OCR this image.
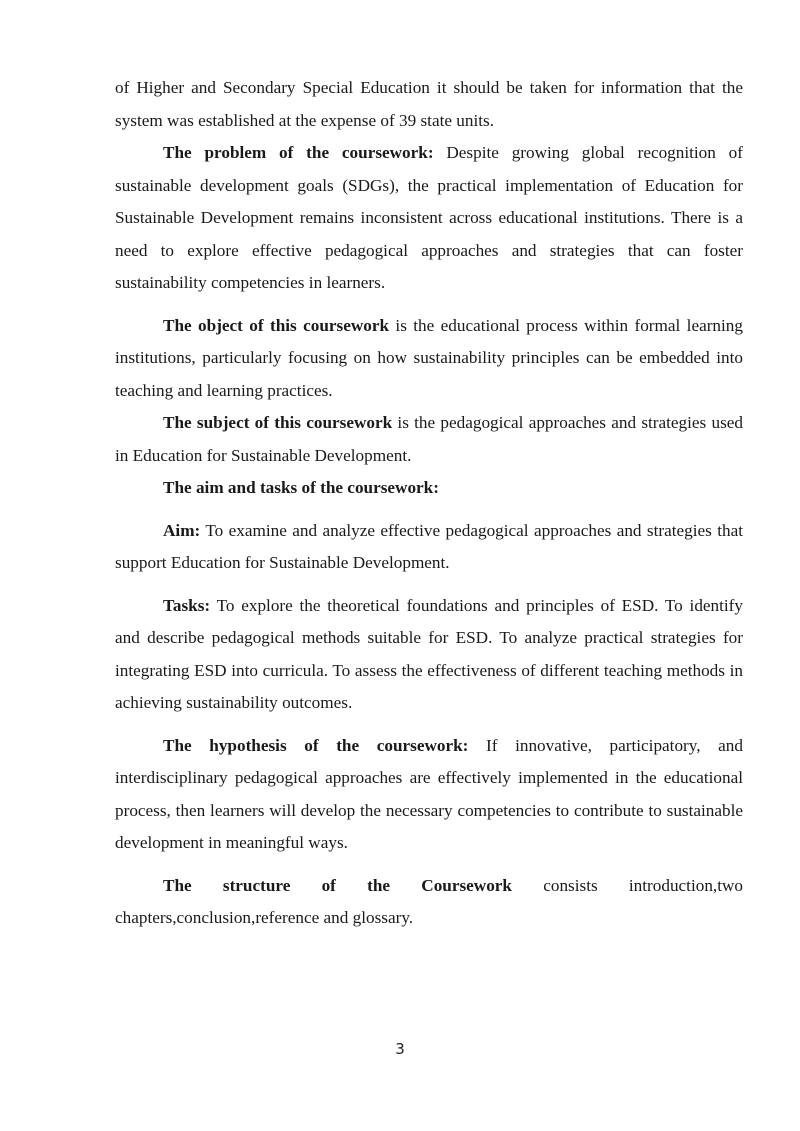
of Higher and Secondary Special Education it should be taken for information that the system was established at the expense of 39 state units.

The problem of the coursework: Despite growing global recognition of sustainable development goals (SDGs), the practical implementation of Education for Sustainable Development remains inconsistent across educational institutions. There is a need to explore effective pedagogical approaches and strategies that can foster sustainability competencies in learners.

The object of this coursework is the educational process within formal learning institutions, particularly focusing on how sustainability principles can be embedded into teaching and learning practices.

The subject of this coursework is the pedagogical approaches and strategies used in Education for Sustainable Development.

The aim and tasks of the coursework:

Aim: To examine and analyze effective pedagogical approaches and strategies that support Education for Sustainable Development.

Tasks: To explore the theoretical foundations and principles of ESD. To identify and describe pedagogical methods suitable for ESD. To analyze practical strategies for integrating ESD into curricula. To assess the effectiveness of different teaching methods in achieving sustainability outcomes.

The hypothesis of the coursework: If innovative, participatory, and interdisciplinary pedagogical approaches are effectively implemented in the educational process, then learners will develop the necessary competencies to contribute to sustainable development in meaningful ways.

The structure of the Coursework consists introduction,two

chapters,conclusion,reference and glossary.

3
